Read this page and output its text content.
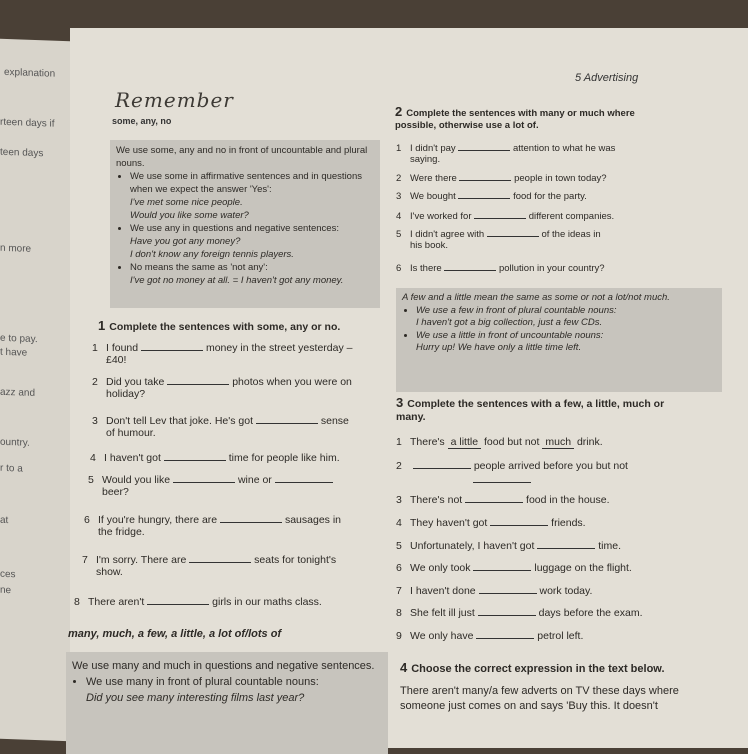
explanation
rteen days if
teen days
n more
e to pay.
t have
azz and
ountry.
r to a
at
ces
ne
5 Advertising
Remember
some, any, no

We use some, any and no in front of uncountable and plural nouns.

• We use some in affirmative sentences and in questions when we expect the answer 'Yes':
I've met some nice people.
Would you like some water?
• We use any in questions and negative sentences:
Have you got any money?
I don't know any foreign tennis players.
• No means the same as 'not any':
I've got no money at all. = I haven't got any money.
1 Complete the sentences with some, any or no.
1 I found	money in the street yesterday –
£40!
2 Did you take	photos when you were on
holiday?
3 Don't tell Lev that joke. He's got	sense
of humour.
4 I haven't got	time for people like him.
5 Would you like	wine or
beer?
6 If you're hungry, there are	sausages in
the fridge.
7 I'm sorry. There are	seats for tonight's
show.
8 There aren't	girls in our maths class.
many, much, a few, a little, a lot of/lots of

We use many and much in questions and negative sentences.

• We use many in front of plural countable nouns:
Did you see many interesting films last year?
2 Complete the sentences with many or much where possible, otherwise use a lot of.
1 I didn't pay	attention to what he was
saying.
2 Were there	people in town today?
3 We bought	food for the party.
4 I've worked for	different companies.
5 I didn't agree with	of the ideas in
his book.
6 Is there	pollution in your country?

A few and a little mean the same as some or not a lot/not much.

• We use a few in front of plural countable nouns:
I haven't got a big collection, just a few CDs.
• We use a little in front of uncountable nouns:
Hurry up! We have only a little time left.
3 Complete the sentences with a few, a little, much or many.
1 There's a little food but not much drink.
2	people arrived before you but not

3 There's not	food in the house.
4 They haven't got	friends.
5 Unfortunately, I haven't got	time.
6 We only took	luggage on the flight.
7 I haven't done	work today.
8 She felt ill just	days before the exam.
9 We only have	petrol left.
4 Choose the correct expression in the text below.
There aren't many/a few adverts on TV these days where
someone just comes on and says 'Buy this. It doesn't
